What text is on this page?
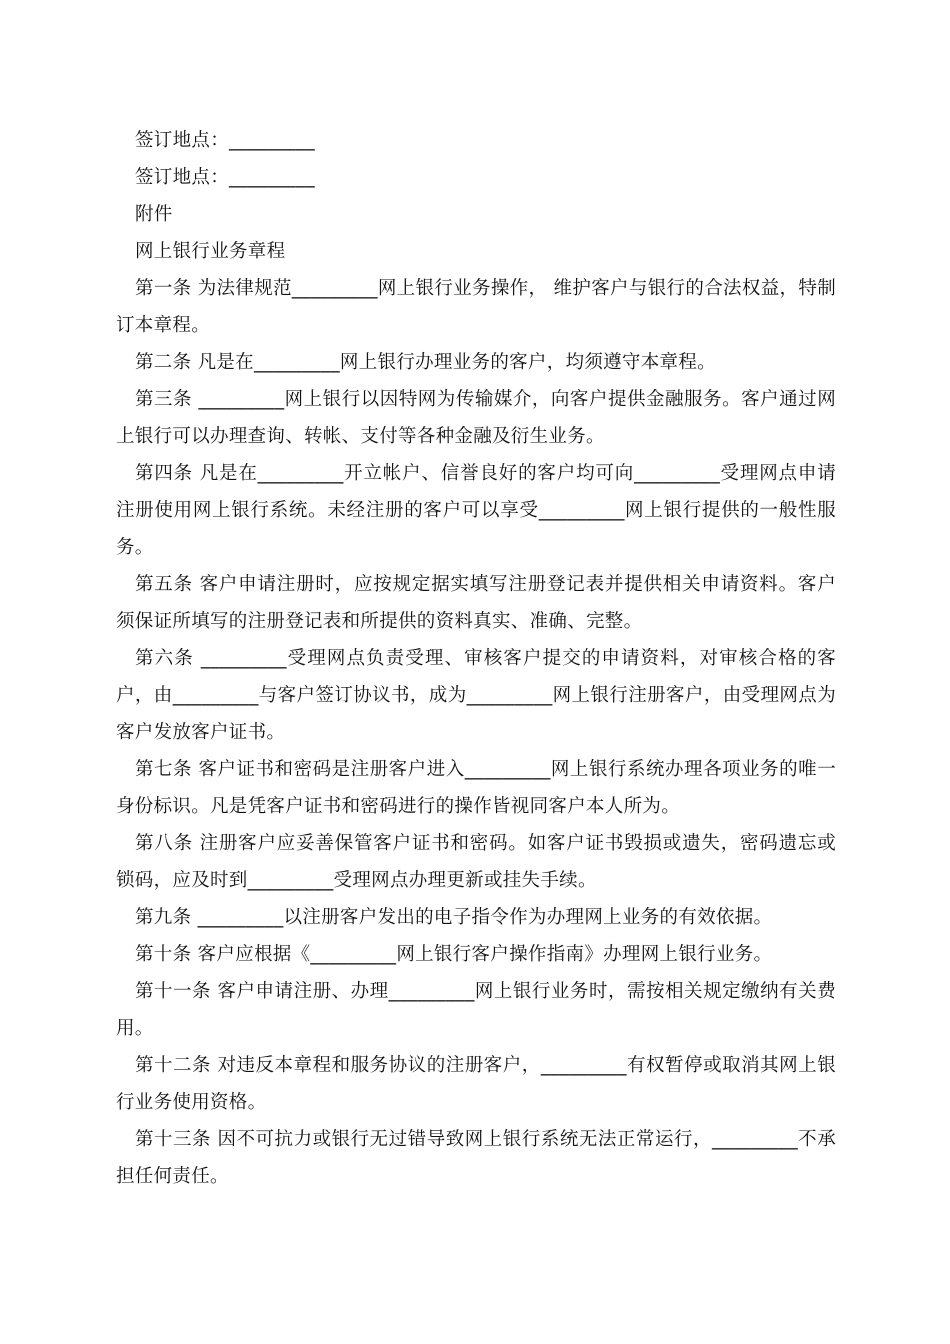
签订地点：_________
签订地点：_________
附件
网上银行业务章程

第一条 为法律规范_________网上银行业务操作， 维护客户与银行的合法权益，特制订本章程。

第二条 凡是在_________网上银行办理业务的客户，均须遵守本章程。

第三条 _________网上银行以因特网为传输媒介，向客户提供金融服务。客户通过网上银行可以办理查询、转帐、支付等各种金融及衍生业务。

第四条 凡是在_________开立帐户、信誉良好的客户均可向_________受理网点申请注册使用网上银行系统。未经注册的客户可以享受_________网上银行提供的一般性服务。

第五条 客户申请注册时，应按规定据实填写注册登记表并提供相关申请资料。客户须保证所填写的注册登记表和所提供的资料真实、准确、完整。

第六条 _________受理网点负责受理、审核客户提交的申请资料，对审核合格的客户，由_________与客户签订协议书，成为_________网上银行注册客户，由受理网点为客户发放客户证书。

第七条 客户证书和密码是注册客户进入_________网上银行系统办理各项业务的唯一身份标识。凡是凭客户证书和密码进行的操作皆视同客户本人所为。

第八条 注册客户应妥善保管客户证书和密码。如客户证书毁损或遗失，密码遗忘或锁码，应及时到_________受理网点办理更新或挂失手续。

第九条 _________以注册客户发出的电子指令作为办理网上业务的有效依据。

第十条 客户应根据《_________网上银行客户操作指南》办理网上银行业务。

第十一条 客户申请注册、办理_________网上银行业务时，需按相关规定缴纳有关费用。

第十二条 对违反本章程和服务协议的注册客户，_________有权暂停或取消其网上银行业务使用资格。

第十三条 因不可抗力或银行无过错导致网上银行系统无法正常运行，_________不承担任何责任。
